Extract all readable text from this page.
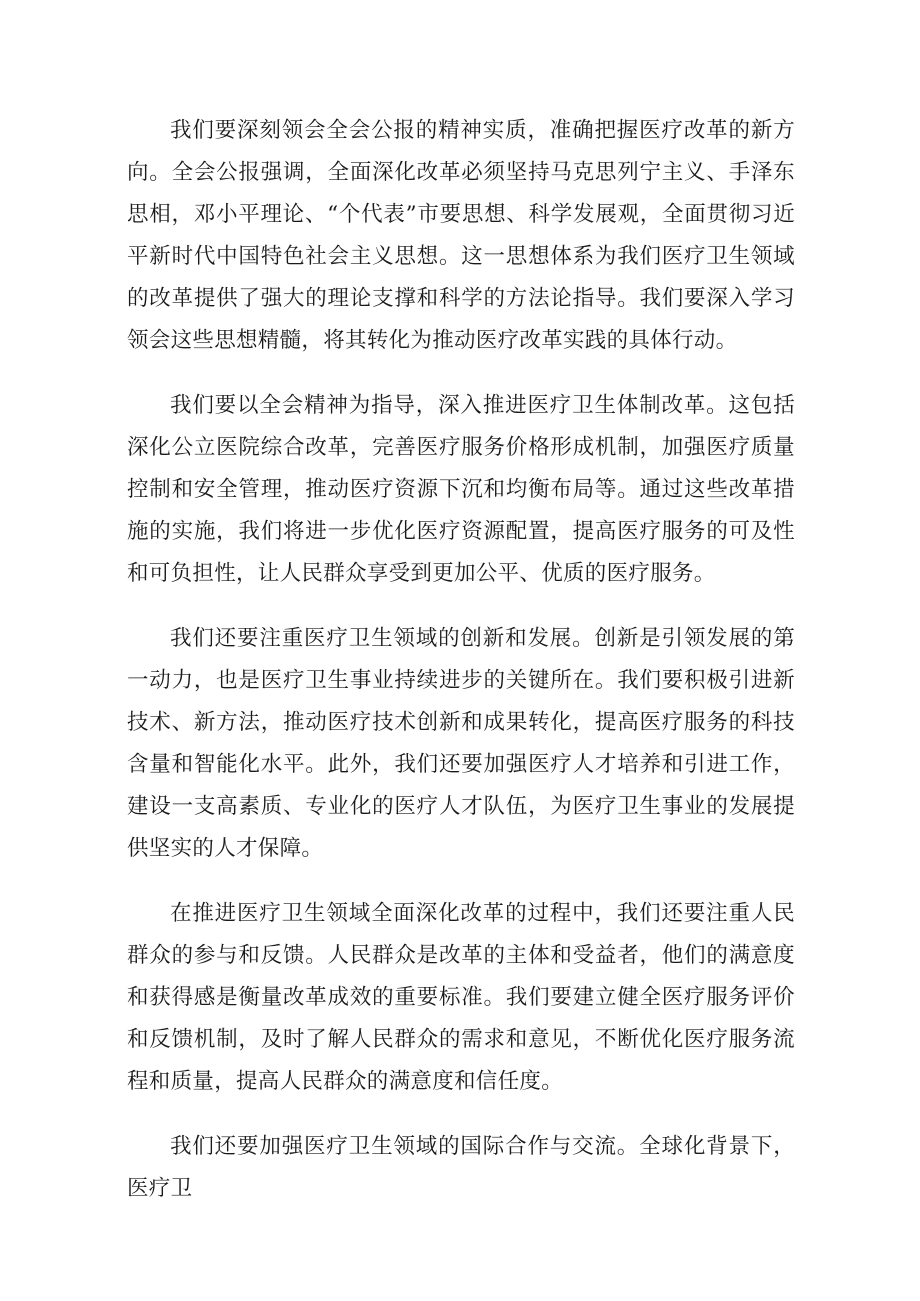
我们要深刻领会全会公报的精神实质，准确把握医疗改革的新方向。全会公报强调，全面深化改革必须坚持马克思列宁主义、手泽东思相，邓小平理论、“个代表”市要思想、科学发展观，全面贯彻习近平新时代中国特色社会主义思想。这一思想体系为我们医疗卫生领域的改革提供了强大的理论支撑和科学的方法论指导。我们要深入学习领会这些思想精髓，将其转化为推动医疗改革实践的具体行动。

我们要以全会精神为指导，深入推进医疗卫生体制改革。这包括深化公立医院综合改革，完善医疗服务价格形成机制，加强医疗质量控制和安全管理，推动医疗资源下沉和均衡布局等。通过这些改革措施的实施，我们将进一步优化医疗资源配置，提高医疗服务的可及性和可负担性，让人民群众享受到更加公平、优质的医疗服务。

我们还要注重医疗卫生领域的创新和发展。创新是引领发展的第一动力，也是医疗卫生事业持续进步的关键所在。我们要积极引进新技术、新方法，推动医疗技术创新和成果转化，提高医疗服务的科技含量和智能化水平。此外，我们还要加强医疗人才培养和引进工作，建设一支高素质、专业化的医疗人才队伍，为医疗卫生事业的发展提供坚实的人才保障。

在推进医疗卫生领域全面深化改革的过程中，我们还要注重人民群众的参与和反馈。人民群众是改革的主体和受益者，他们的满意度和获得感是衡量改革成效的重要标准。我们要建立健全医疗服务评价和反馈机制，及时了解人民群众的需求和意见，不断优化医疗服务流程和质量，提高人民群众的满意度和信任度。

我们还要加强医疗卫生领域的国际合作与交流。全球化背景下，医疗卫
